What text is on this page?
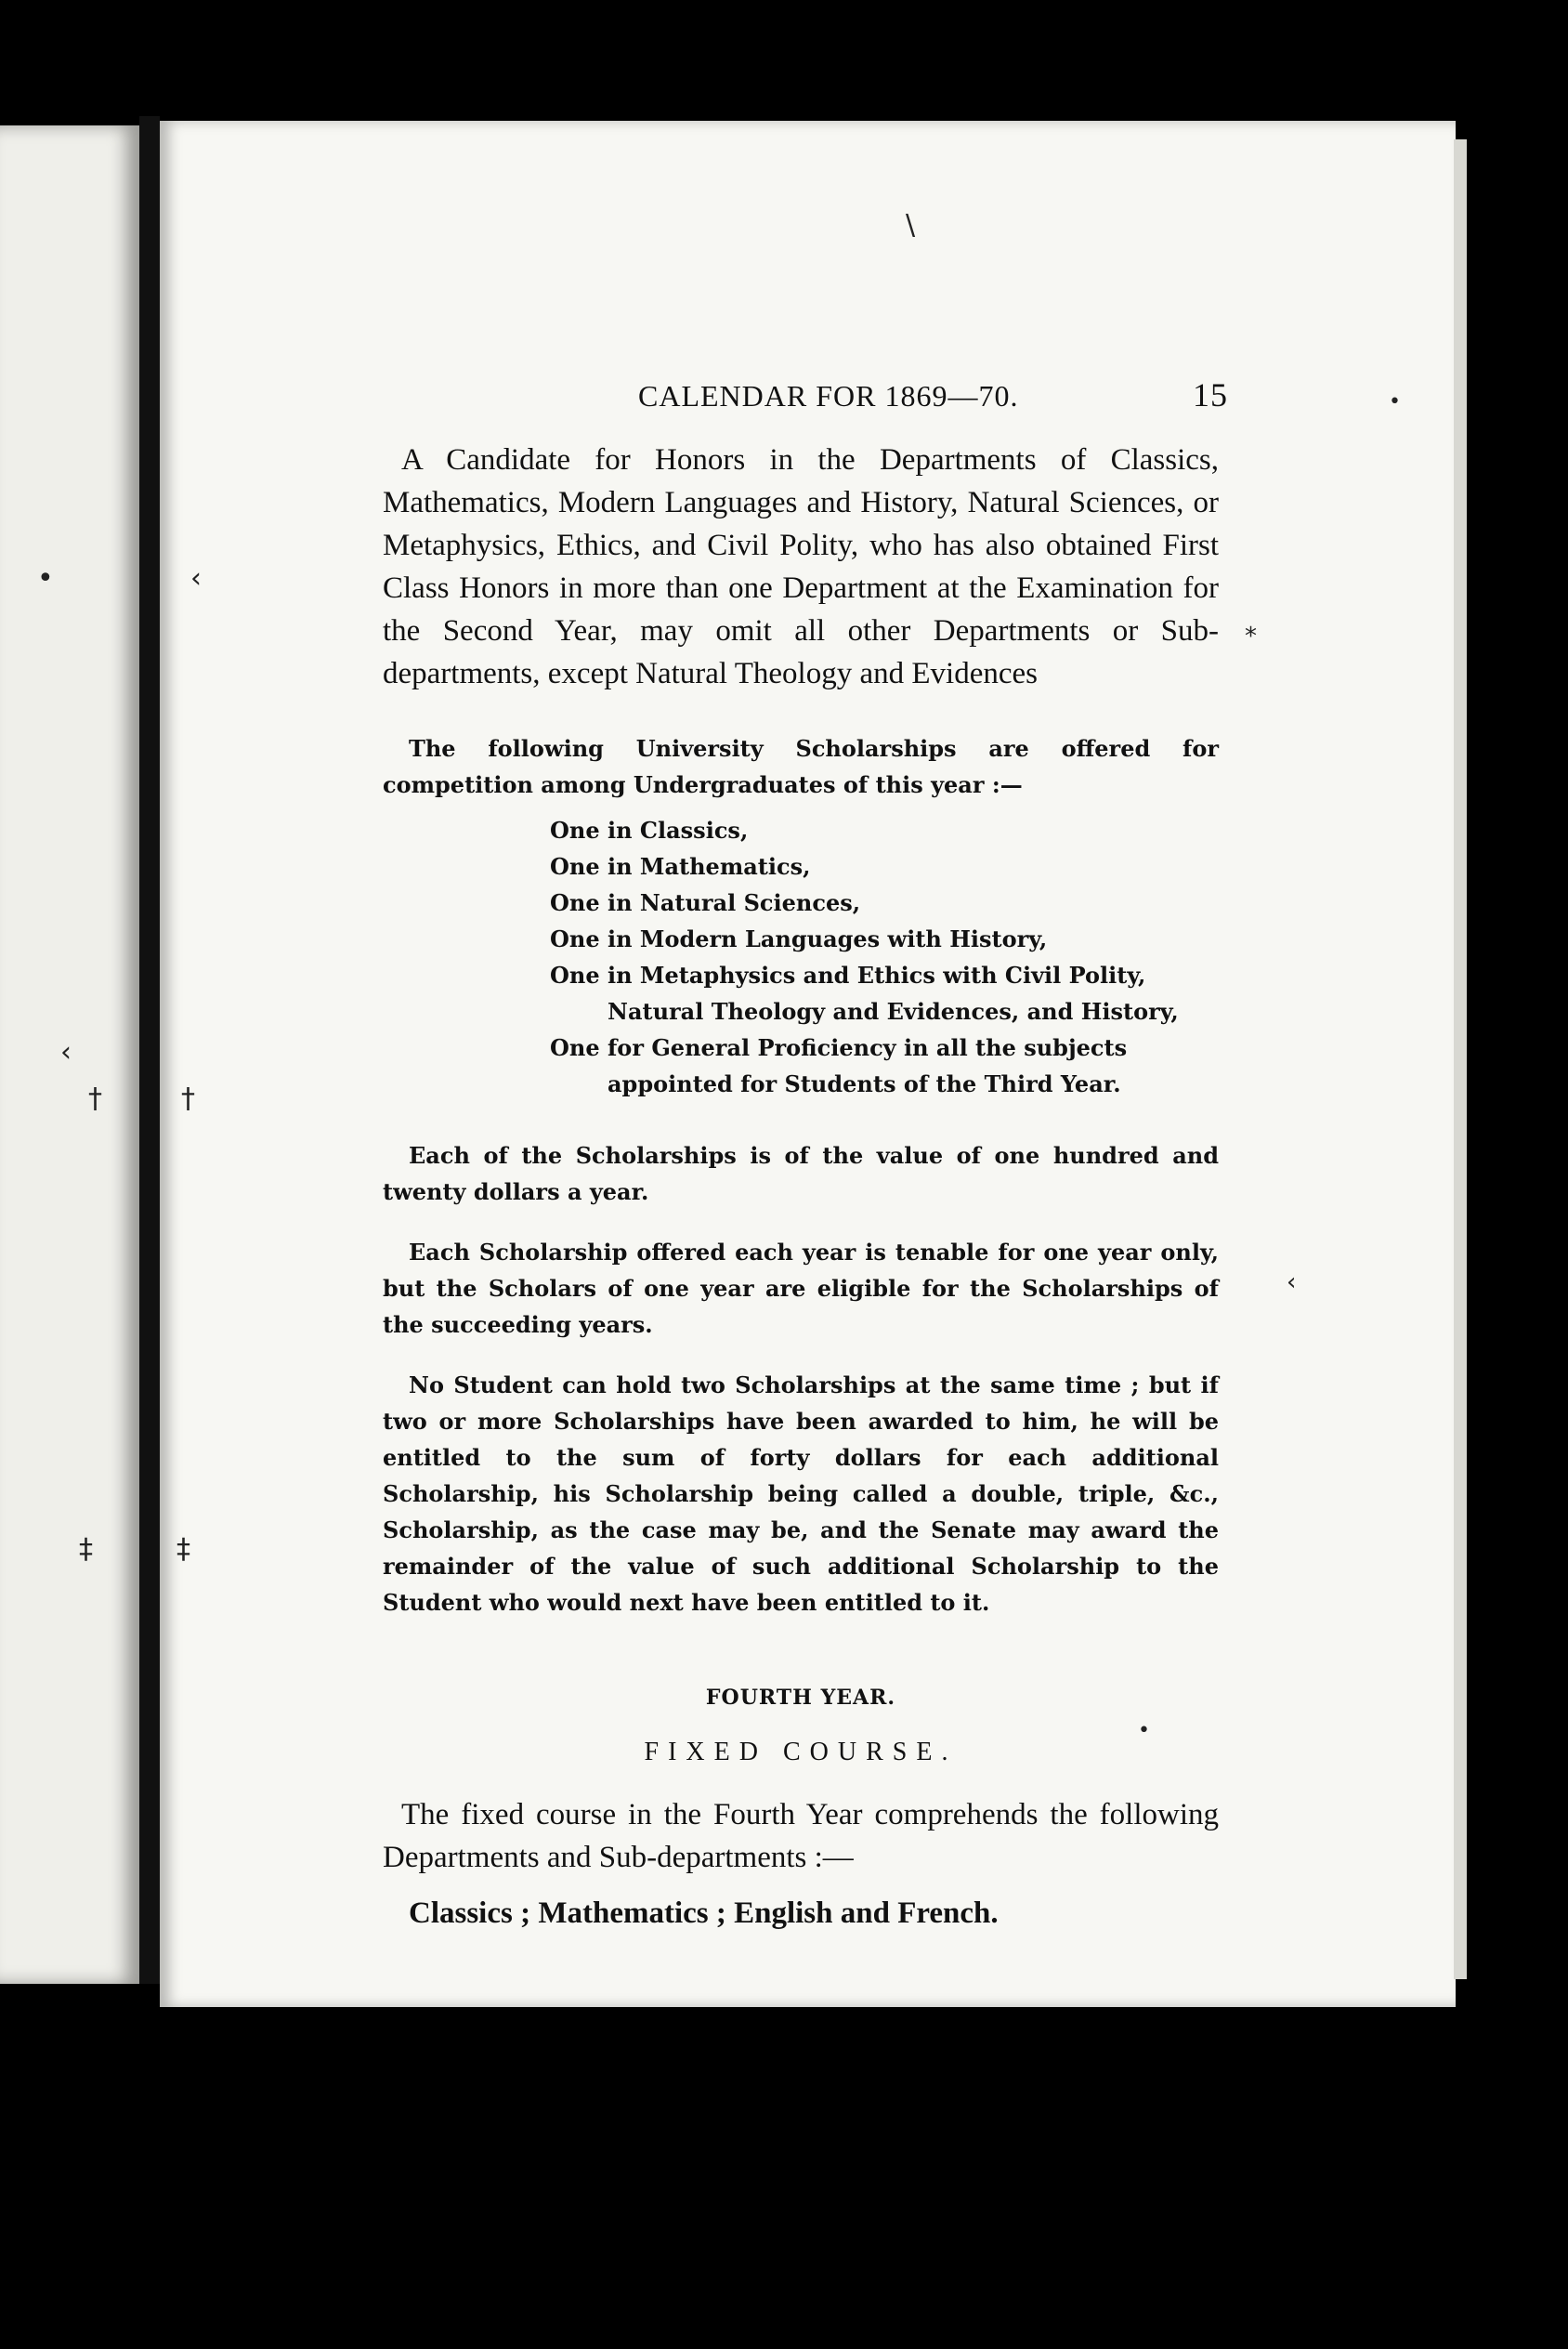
•	‹
‹
†	†
‡	‡
*
‹
•
\
•
CALENDAR FOR 1869—70.	15

A Candidate for Honors in the Departments of Classics, Mathematics, Modern Languages and History, Natural Sciences, or Metaphysics, Ethics, and Civil Polity, who has also obtained First Class Honors in more than one Department at the Examination for the Second Year, may omit all other Departments or Sub-departments, except Natural Theology and Evidences

The following University Scholarships are offered for competition among Undergraduates of this year :—

One in Classics,
One in Mathematics,
One in Natural Sciences,
One in Modern Languages with History,
One in Metaphysics and Ethics with Civil Polity, Natural Theology and Evidences, and History,
One for General Proficiency in all the subjects appointed for Students of the Third Year.

Each of the Scholarships is of the value of one hundred and twenty dollars a year.

Each Scholarship offered each year is tenable for one year only, but the Scholars of one year are eligible for the Scholarships of the succeeding years.

No Student can hold two Scholarships at the same time ; but if two or more Scholarships have been awarded to him, he will be entitled to the sum of forty dollars for each additional Scholarship, his Scholarship being called a double, triple, &c., Scholarship, as the case may be, and the Senate may award the remainder of the value of such additional Scholarship to the Student who would next have been entitled to it.

FOURTH YEAR.
FIXED COURSE.

The fixed course in the Fourth Year comprehends the following Departments and Sub-departments :—

Classics ; Mathematics ; English and French.
